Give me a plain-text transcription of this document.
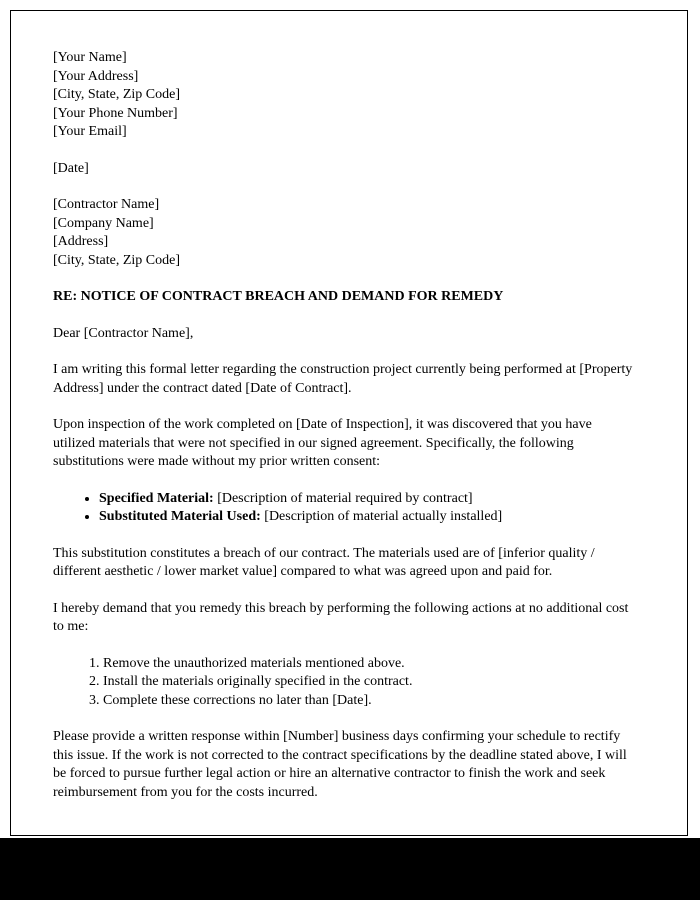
[Your Name]
[Your Address]
[City, State, Zip Code]
[Your Phone Number]
[Your Email]
[Date]
[Contractor Name]
[Company Name]
[Address]
[City, State, Zip Code]
RE: NOTICE OF CONTRACT BREACH AND DEMAND FOR REMEDY
Dear [Contractor Name],
I am writing this formal letter regarding the construction project currently being performed at [Property Address] under the contract dated [Date of Contract].
Upon inspection of the work completed on [Date of Inspection], it was discovered that you have utilized materials that were not specified in our signed agreement. Specifically, the following substitutions were made without my prior written consent:
• Specified Material: [Description of material required by contract]
• Substituted Material Used: [Description of material actually installed]
This substitution constitutes a breach of our contract. The materials used are of [inferior quality / different aesthetic / lower market value] compared to what was agreed upon and paid for.
I hereby demand that you remedy this breach by performing the following actions at no additional cost to me:
1. Remove the unauthorized materials mentioned above.
2. Install the materials originally specified in the contract.
3. Complete these corrections no later than [Date].
Please provide a written response within [Number] business days confirming your schedule to rectify this issue. If the work is not corrected to the contract specifications by the deadline stated above, I will be forced to pursue further legal action or hire an alternative contractor to finish the work and seek reimbursement from you for the costs incurred.
